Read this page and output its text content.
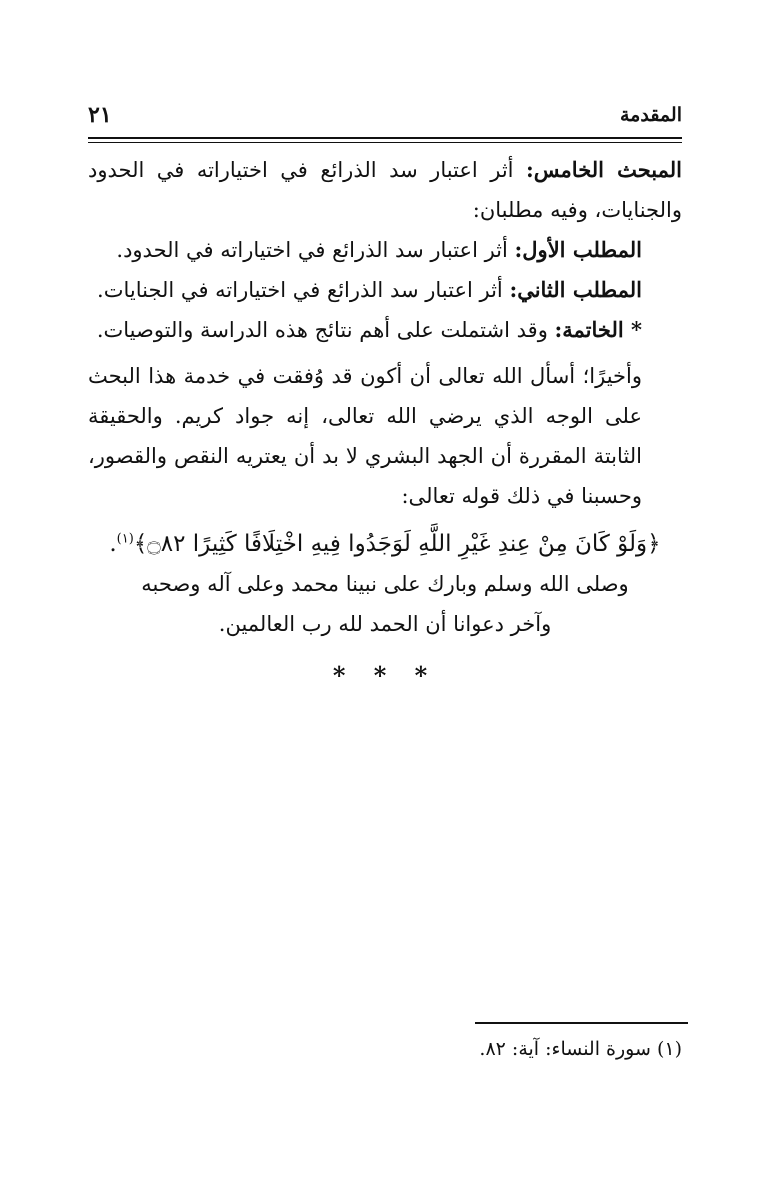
المقدمة
٢١

المبحث الخامس: أثر اعتبار سد الذرائع في اختياراته في الحدود والجنايات، وفيه مطلبان:

المطلب الأول: أثر اعتبار سد الذرائع في اختياراته في الحدود.

المطلب الثاني: أثر اعتبار سد الذرائع في اختياراته في الجنايات.

* الخاتمة: وقد اشتملت على أهم نتائج هذه الدراسة والتوصيات.

وأخيرًا؛ أسأل الله تعالى أن أكون قد وُفقت في خدمة هذا البحث على الوجه الذي يرضي الله تعالى، إنه جواد كريم. والحقيقة الثابتة المقررة أن الجهد البشري لا بد أن يعتريه النقص والقصور، وحسبنا في ذلك قوله تعالى:

﴿وَلَوْ كَانَ مِنْ عِندِ غَيْرِ اللَّهِ لَوَجَدُوا فِيهِ اخْتِلَافًا كَثِيرًا ۝٨٢﴾$^{(١)}$.

وصلى الله وسلم وبارك على نبينا محمد وعلى آله وصحبه

وآخر دعوانا أن الحمد لله رب العالمين.

* * *

(١) سورة النساء: آية: ٨٢.
